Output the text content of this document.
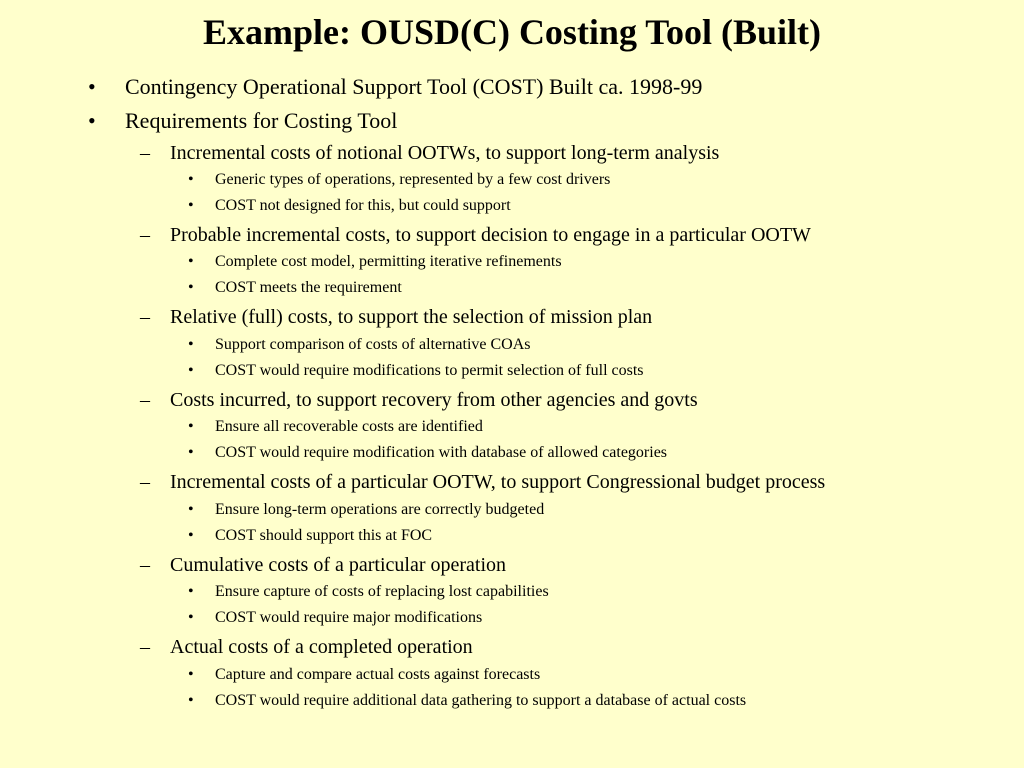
Example: OUSD(C) Costing Tool (Built)
• Contingency Operational Support Tool (COST) Built ca. 1998-99
• Requirements for Costing Tool
– Incremental costs of notional OOTWs, to support long-term analysis
• Generic types of operations, represented by a few cost drivers
• COST not designed for this, but could support
– Probable incremental costs, to support decision to engage in a particular OOTW
• Complete cost model, permitting iterative refinements
• COST meets the requirement
– Relative (full) costs, to support the selection of mission plan
• Support comparison of costs of alternative COAs
• COST would require modifications to permit selection of full costs
– Costs incurred, to support recovery from other agencies and govts
• Ensure all recoverable costs are identified
• COST would require modification with database of allowed categories
– Incremental costs of a particular OOTW, to support Congressional budget process
• Ensure long-term operations are correctly budgeted
• COST should support this at FOC
– Cumulative costs of a particular operation
• Ensure capture of costs of replacing lost capabilities
• COST would require major modifications
– Actual costs of a completed operation
• Capture and compare actual costs against forecasts
• COST would require additional data gathering to support a database of actual costs
